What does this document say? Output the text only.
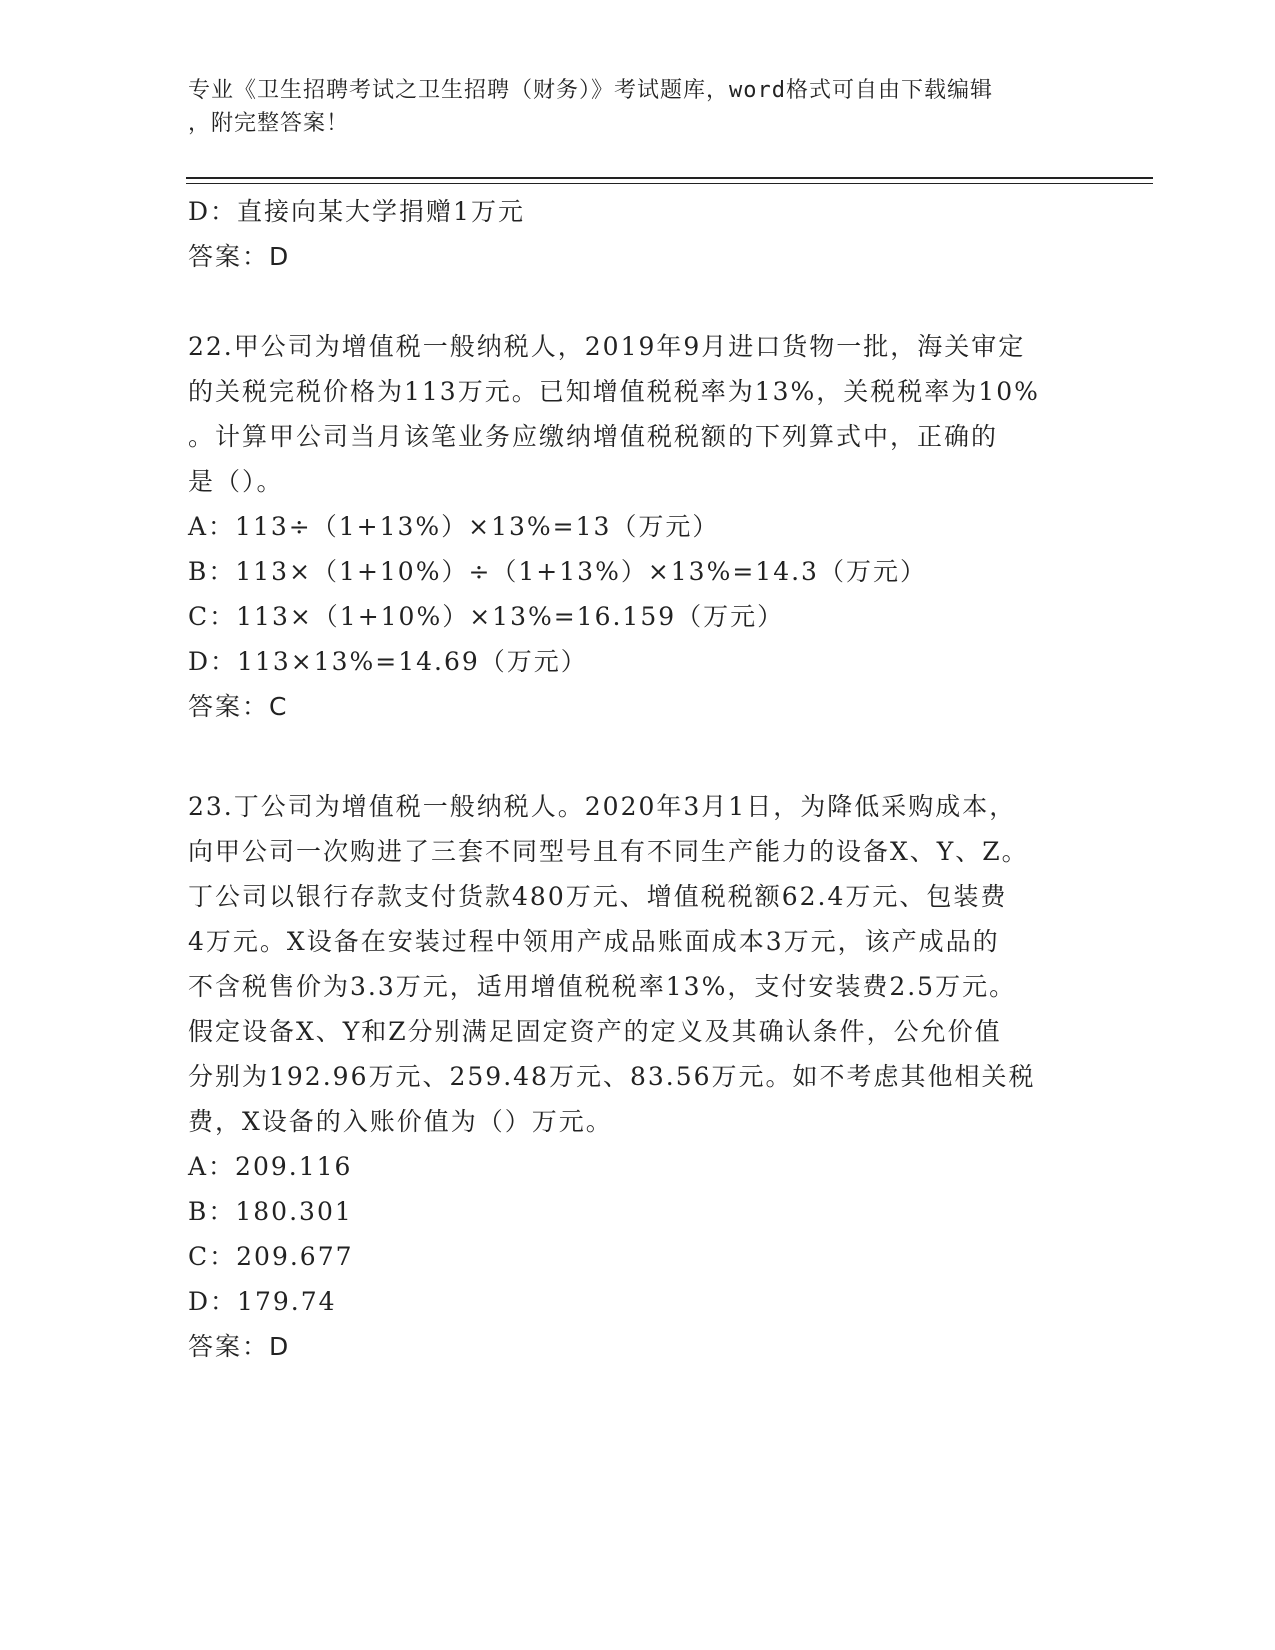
专业《卫生招聘考试之卫生招聘（财务）》考试题库，word格式可自由下载编辑
，附完整答案！
D：直接向某大学捐赠1万元
答案：D
22.甲公司为增值税一般纳税人，2019年9月进口货物一批，海关审定
的关税完税价格为113万元。已知增值税税率为13%，关税税率为10%
。计算甲公司当月该笔业务应缴纳增值税税额的下列算式中，正确的
是（）。
A：113÷（1+13%）×13%=13（万元）
B：113×（1+10%）÷（1+13%）×13%=14.3（万元）
C：113×（1+10%）×13%=16.159（万元）
D：113×13%=14.69（万元）
答案：C
23.丁公司为增值税一般纳税人。2020年3月1日，为降低采购成本，
向甲公司一次购进了三套不同型号且有不同生产能力的设备X、Y、Z。
丁公司以银行存款支付货款480万元、增值税税额62.4万元、包装费
4万元。X设备在安装过程中领用产成品账面成本3万元，该产成品的
不含税售价为3.3万元，适用增值税税率13%，支付安装费2.5万元。
假定设备X、Y和Z分别满足固定资产的定义及其确认条件，公允价值
分别为192.96万元、259.48万元、83.56万元。如不考虑其他相关税
费，X设备的入账价值为（）万元。
A：209.116
B：180.301
C：209.677
D：179.74
答案：D
